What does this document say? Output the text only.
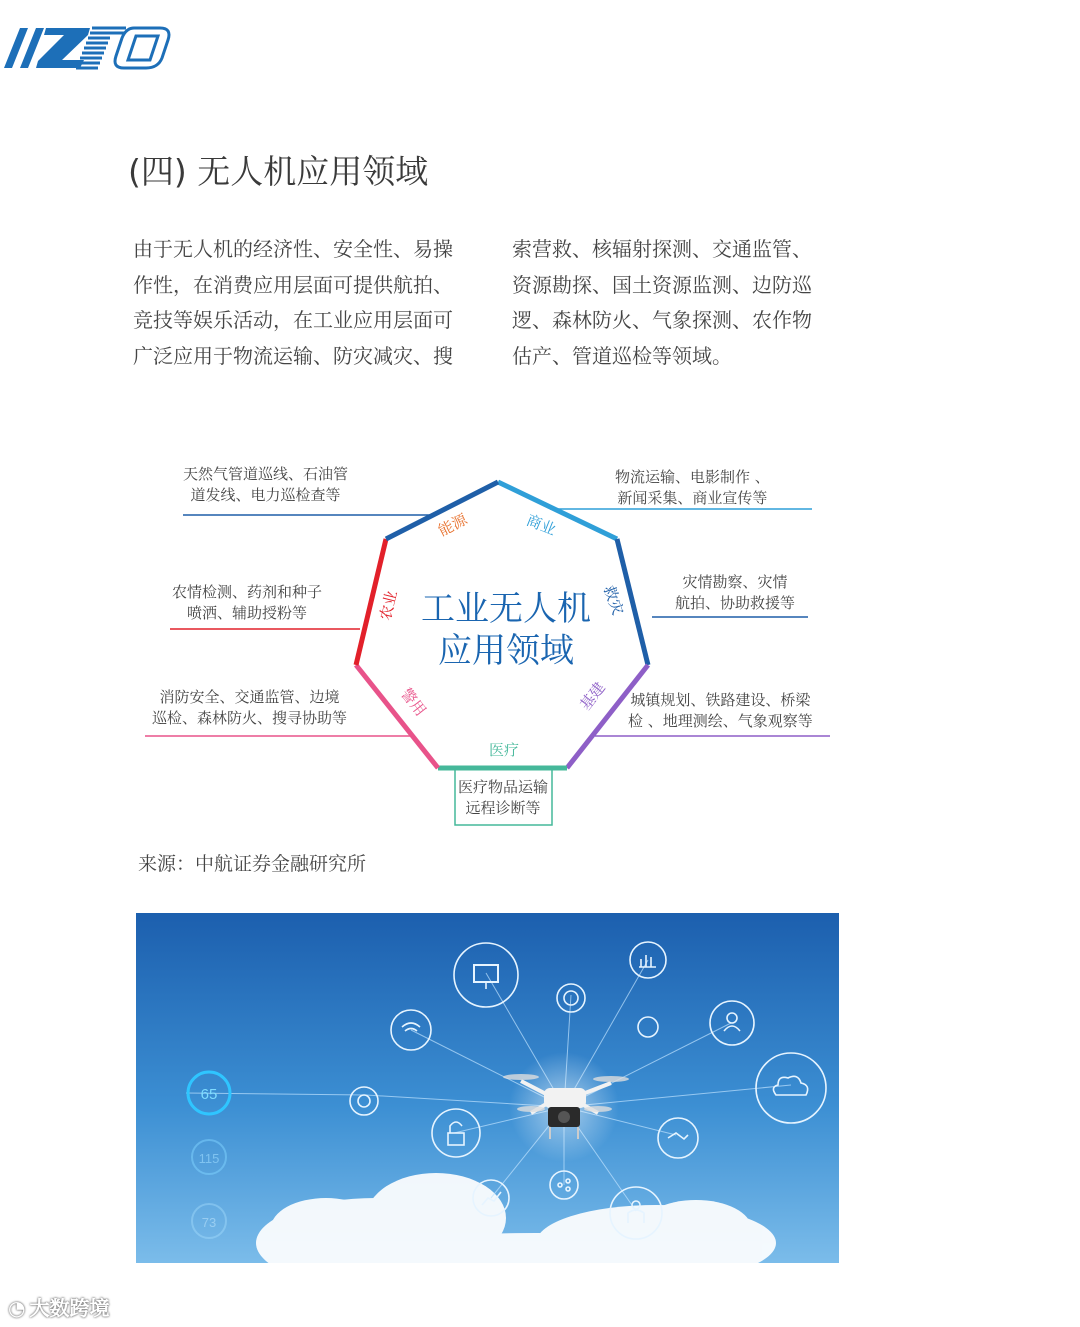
(四) 无人机应用领域
由于无人机的经济性、安全性、易操
作性，在消费应用层面可提供航拍、
竞技等娱乐活动，在工业应用层面可
广泛应用于物流运输、防灾减灾、搜
索营救、核辐射探测、交通监管、
资源勘探、国土资源监测、边防巡
逻、森林防火、气象探测、农作物
估产、管道巡检等领域。
能源	商业
救灾
基建
医疗
警用
农业 工业无人机
应用领域
天然气管道巡线、石油管
道发线、电力巡检查等
物流运输、电影制作 、
新闻采集、商业宣传等
灾情勘察、灾情
航拍、协助救援等
城镇规划、铁路建设、桥梁
检 、地理测绘、气象观察等
医疗物品运输
远程诊断等
消防安全、交通监管、边境
巡检、森林防火、搜寻协助等
农情检测、药剂和种子
喷洒、辅助授粉等
来源：中航证券金融研究所
65
115
73
◔ 大数跨境
